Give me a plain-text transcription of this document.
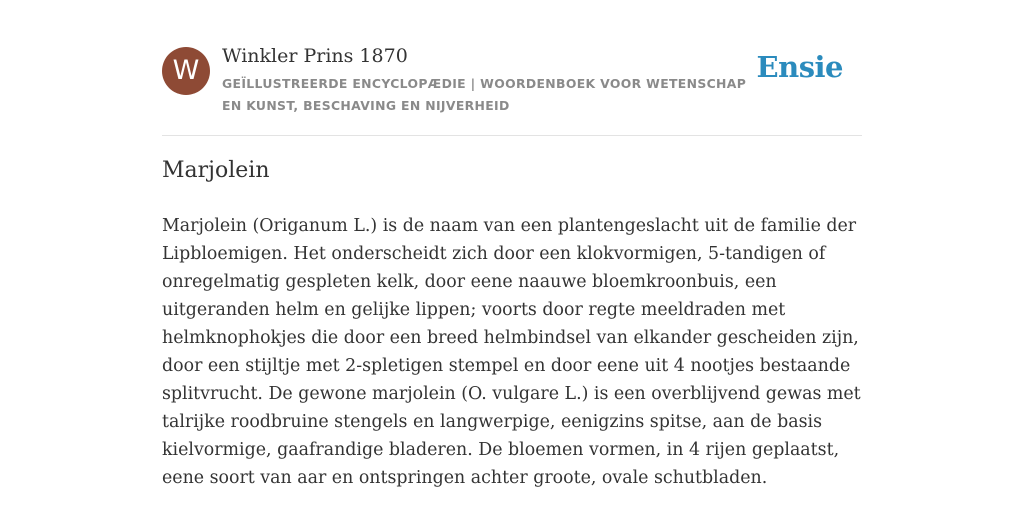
W	Winkler Prins 1870
GEÏLLUSTREERDE ENCYCLOPÆDIE | WOORDENBOEK VOOR WETENSCHAP EN KUNST, BESCHAVING EN NIJVERHEID
Ensie
Marjolein

Marjolein (Origanum L.) is de naam van een plantengeslacht uit de familie der Lipbloemigen. Het onderscheidt zich door een klokvormigen, 5-tandigen of onregelmatig gespleten kelk, door eene naauwe bloemkroonbuis, een uitgeranden helm en gelijke lippen; voorts door regte meeldraden met helmknophokjes die door een breed helmbindsel van elkander gescheiden zijn, door een stijltje met 2-spletigen stempel en door eene uit 4 nootjes bestaande splitvrucht. De gewone marjolein (O. vulgare L.) is een overblijvend gewas met talrijke roodbruine stengels en langwerpige, eenigzins spitse, aan de basis kielvormige, gaafrandige bladeren. De bloemen vormen, in 4 rijen geplaatst, eene soort van aar en ontspringen achter groote, ovale schutbladen.
